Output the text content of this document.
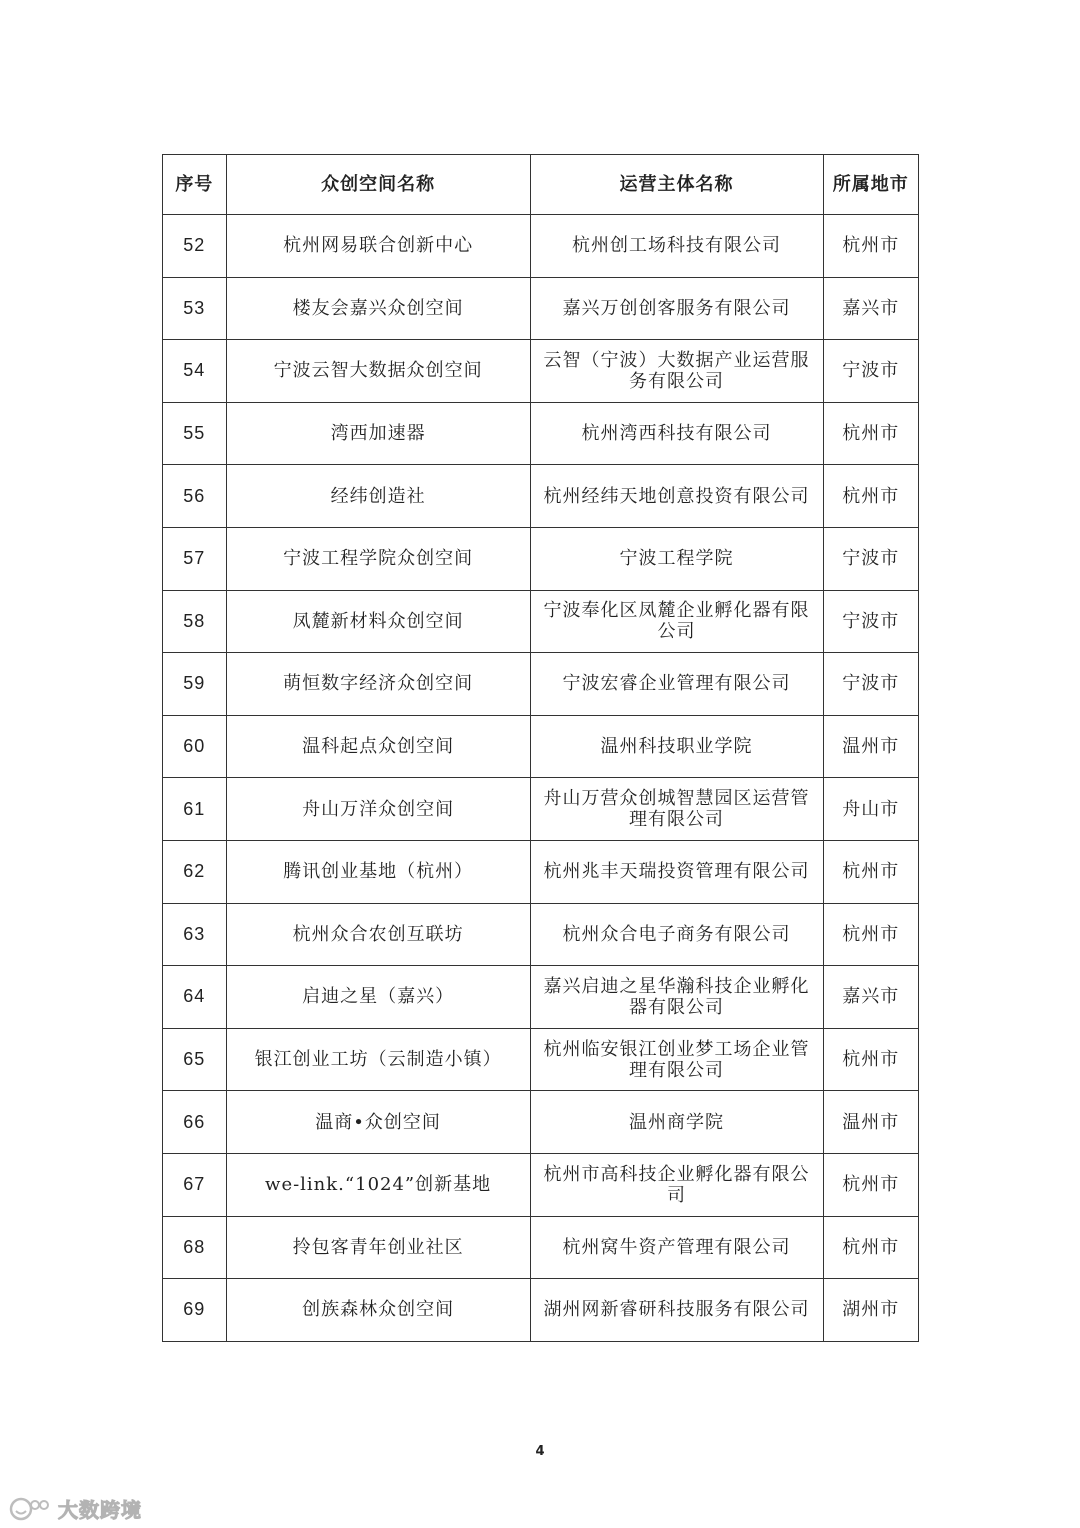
序号	众创空间名称	运营主体名称	所属地市
52	杭州网易联合创新中心	杭州创工场科技有限公司	杭州市
53	楼友会嘉兴众创空间	嘉兴万创创客服务有限公司	嘉兴市
54	宁波云智大数据众创空间	云智（宁波）大数据产业运营服务有限公司	宁波市
55	湾西加速器	杭州湾西科技有限公司	杭州市
56	经纬创造社	杭州经纬天地创意投资有限公司	杭州市
57	宁波工程学院众创空间	宁波工程学院	宁波市
58	凤麓新材料众创空间	宁波奉化区凤麓企业孵化器有限公司	宁波市
59	萌恒数字经济众创空间	宁波宏睿企业管理有限公司	宁波市
60	温科起点众创空间	温州科技职业学院	温州市
61	舟山万洋众创空间	舟山万营众创城智慧园区运营管理有限公司	舟山市
62	腾讯创业基地（杭州）	杭州兆丰天瑞投资管理有限公司	杭州市
63	杭州众合农创互联坊	杭州众合电子商务有限公司	杭州市
64	启迪之星（嘉兴）	嘉兴启迪之星华瀚科技企业孵化器有限公司	嘉兴市
65	银江创业工坊（云制造小镇）	杭州临安银江创业梦工场企业管理有限公司	杭州市
66	温商•众创空间	温州商学院	温州市
67	we-link.“1024”创新基地	杭州市高科技企业孵化器有限公司	杭州市
68	拎包客青年创业社区	杭州窝牛资产管理有限公司	杭州市
69	创族森林众创空间	湖州网新睿研科技服务有限公司	湖州市
4
大数跨境
